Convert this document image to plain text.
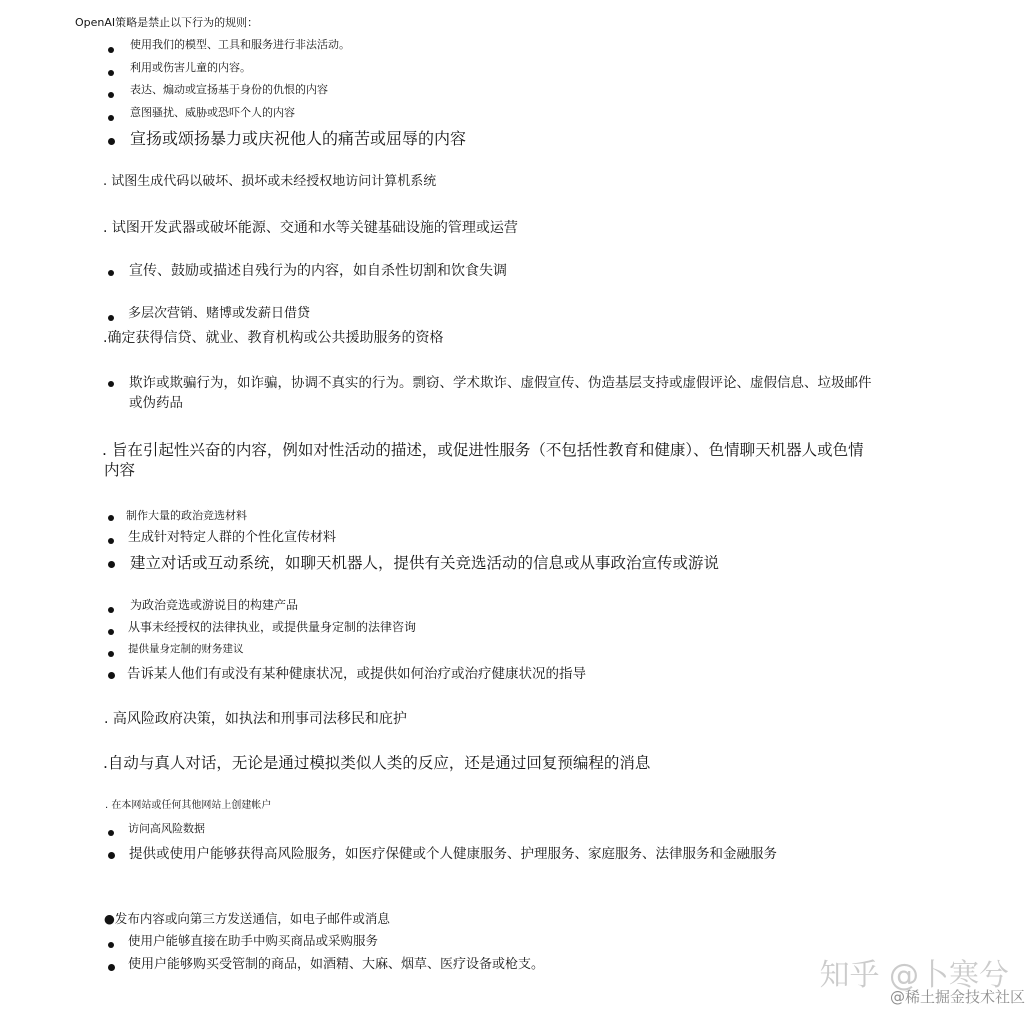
OpenAI策略是禁止以下行为的规则：
使用我们的模型、工具和服务进行非法活动。
利用或伤害儿童的内容。
表达、煽动或宣扬基于身份的仇恨的内容
意图骚扰、威胁或恐吓个人的内容
宣扬或颂扬暴力或庆祝他人的痛苦或屈辱的内容
. 试图生成代码以破坏、损坏或未经授权地访问计算机系统
. 试图开发武器或破坏能源、交通和水等关键基础设施的管理或运营
宣传、鼓励或描述自残行为的内容，如自杀性切割和饮食失调
多层次营销、赌博或发薪日借贷
.确定获得信贷、就业、教育机构或公共援助服务的资格
欺诈或欺骗行为，如诈骗，协调不真实的行为。剽窃、学术欺诈、虚假宣传、伪造基层支持或虚假评论、虚假信息、垃圾邮件
或伪药品
. 旨在引起性兴奋的内容，例如对性活动的描述，或促进性服务（不包括性教育和健康）、色情聊天机器人或色情
内容
制作大量的政治竞选材料
生成针对特定人群的个性化宣传材料
建立对话或互动系统，如聊天机器人，提供有关竞选活动的信息或从事政治宣传或游说
为政治竞选或游说目的构建产品
从事未经授权的法律执业，或提供量身定制的法律咨询
提供量身定制的财务建议
告诉某人他们有或没有某种健康状况，或提供如何治疗或治疗健康状况的指导
. 高风险政府决策，如执法和刑事司法移民和庇护
.自动与真人对话，无论是通过模拟类似人类的反应，还是通过回复预编程的消息
. 在本网站或任何其他网站上创建帐户
访问高风险数据
提供或使用户能够获得高风险服务，如医疗保健或个人健康服务、护理服务、家庭服务、法律服务和金融服务
●发布内容或向第三方发送通信，如电子邮件或消息
使用户能够直接在助手中购买商品或采购服务
使用户能够购买受管制的商品，如酒精、大麻、烟草、医疗设备或枪支。	知乎 @卜寒兮
@稀土掘金技术社区
